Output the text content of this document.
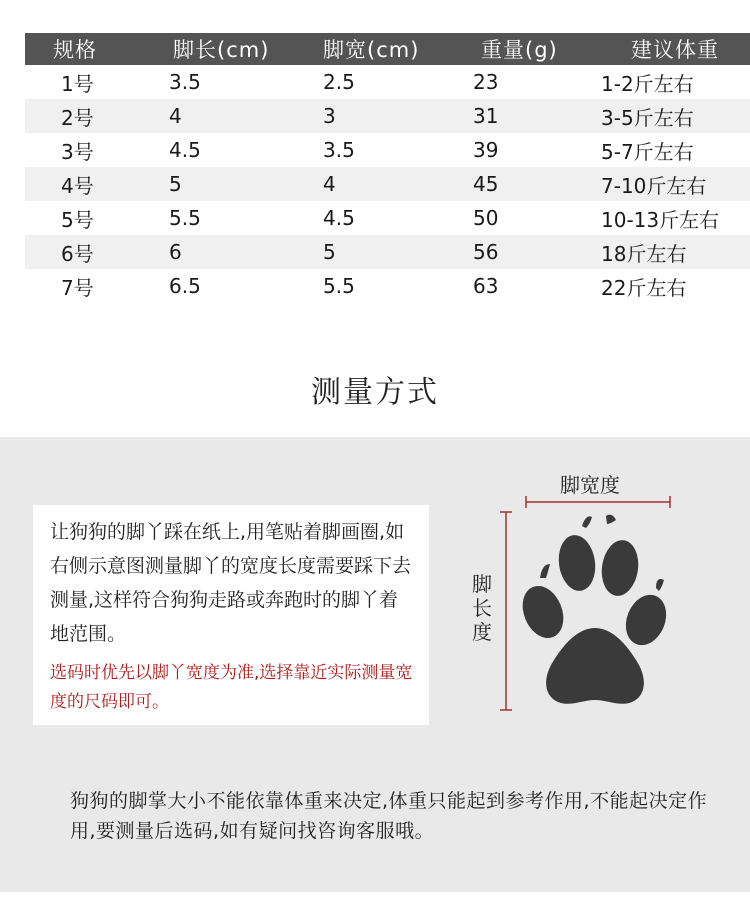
规格	脚长(cm)	脚宽(cm)	重量(g)	建议体重
1号	3.5	2.5	23	1-2斤左右
2号	4	3	31	3-5斤左右
3号	4.5	3.5	39	5-7斤左右
4号	5	4	45	7-10斤左右
5号	5.5	4.5	50	10-13斤左右
6号	6	5	56	18斤左右
7号	6.5	5.5	63	22斤左右
测量方式

让狗狗的脚丫踩在纸上,用笔贴着脚画圈,如右侧示意图测量脚丫的宽度长度需要踩下去测量,这样符合狗狗走路或奔跑时的脚丫着地范围。

选码时优先以脚丫宽度为准,选择靠近实际测量宽度的尺码即可。

脚宽度
脚长度
狗狗的脚掌大小不能依靠体重来决定,体重只能起到参考作用,不能起决定作用,要测量后选码,如有疑问找咨询客服哦。
